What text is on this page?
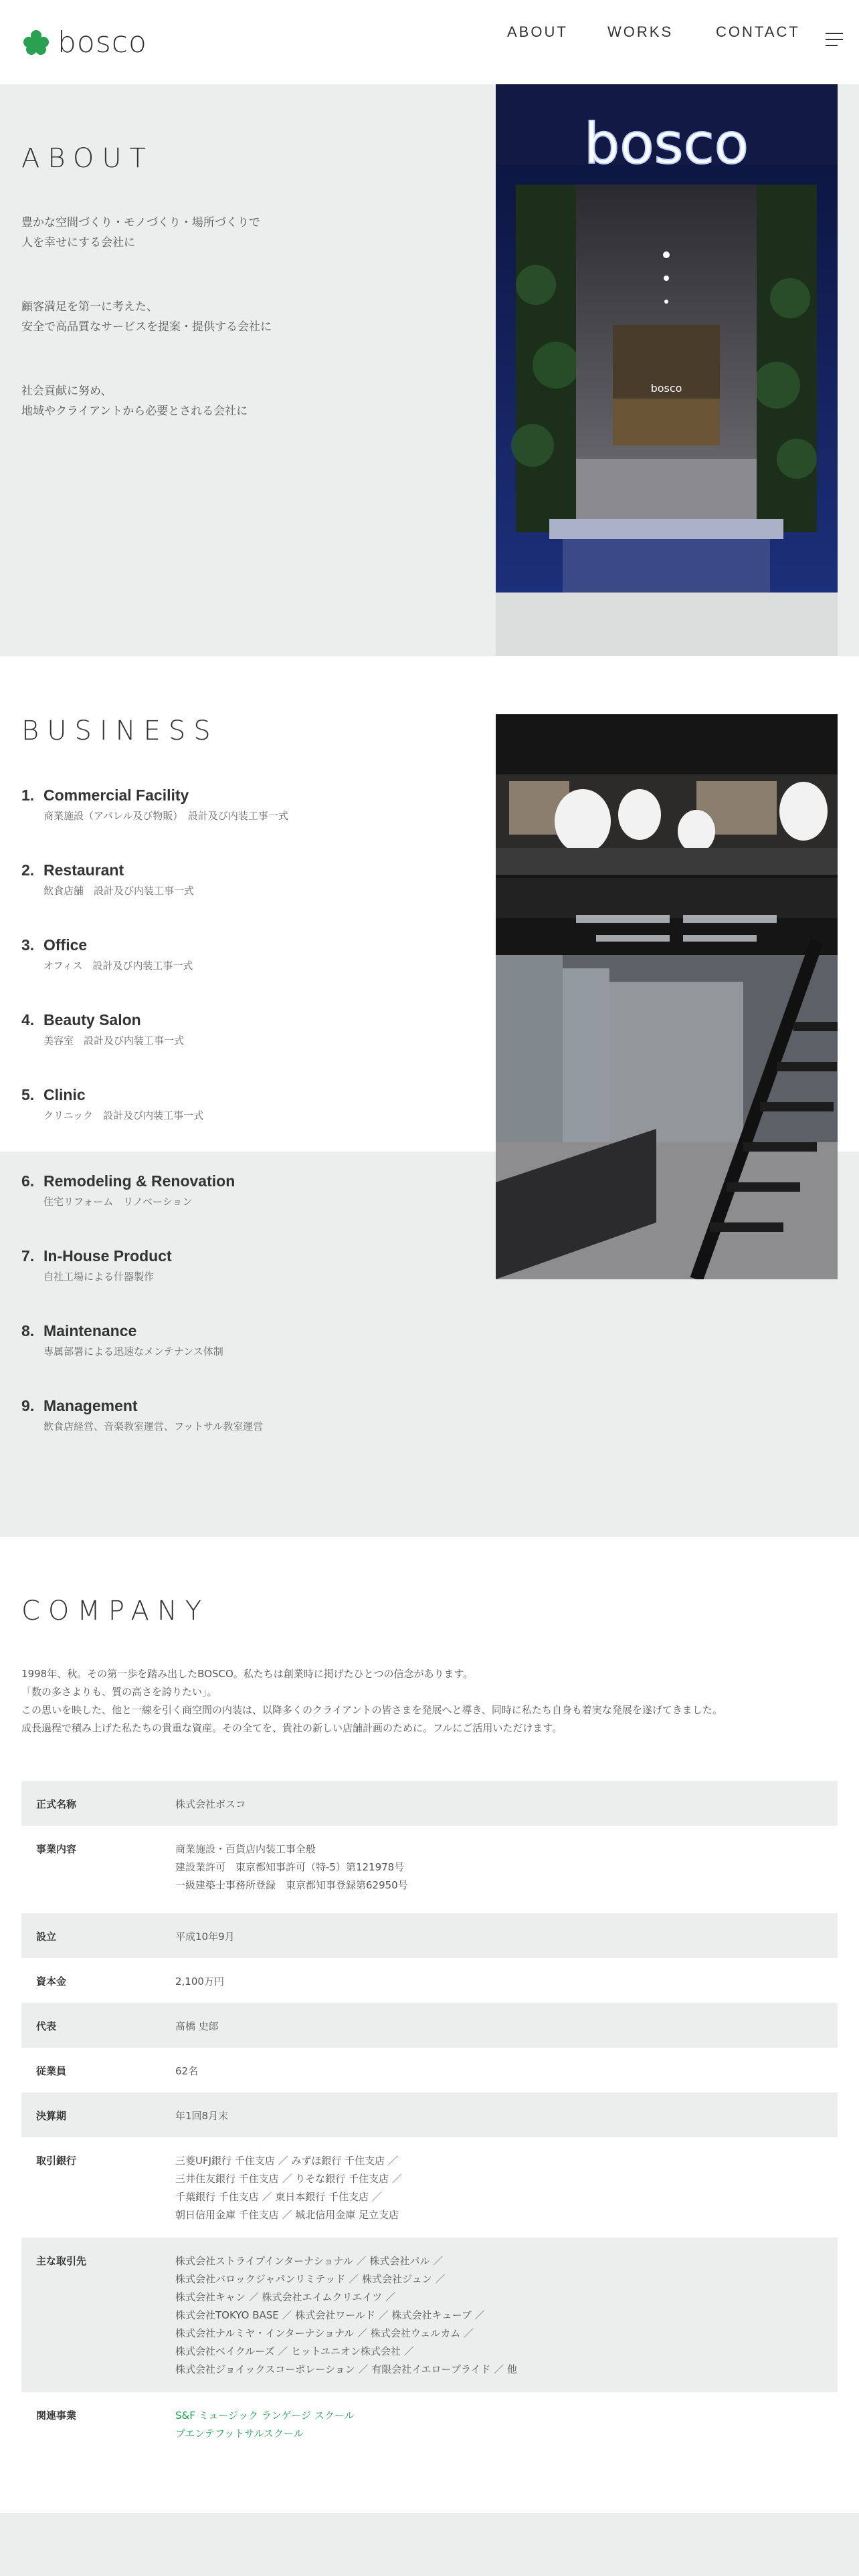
bosco	ABOUT	WORKS	CONTACT
ABOUT
豊かな空間づくり・モノづくり・場所づくりで
人を幸せにする会社に
顧客満足を第一に考えた、
安全で高品質なサービスを提案・提供する会社に
社会貢献に努め、
地域やクライアントから必要とされる会社に
bosco
bosco
BUSINESS
1. Commercial Facility
商業施設（アパレル及び物販）　設計及び内装工事一式
2. Restaurant
飲食店舗　設計及び内装工事一式
3. Office
オフィス　設計及び内装工事一式
4. Beauty Salon
美容室　設計及び内装工事一式
5. Clinic
クリニック　設計及び内装工事一式
6. Remodeling & Renovation
住宅リフォーム　リノベーション
7. In-House Product
自社工場による什器製作
8. Maintenance
専属部署による迅速なメンテナンス体制
9. Management
飲食店経営、音楽教室運営、フットサル教室運営
COMPANY
1998年、秋。その第一歩を踏み出したBOSCO。私たちは創業時に掲げたひとつの信念があります。
「数の多さよりも、質の高さを誇りたい」。
この思いを映した、他と一線を引く商空間の内装は、以降多くのクライアントの皆さまを発展へと導き、同時に私たち自身も着実な発展を遂げてきました。
成長過程で積み上げた私たちの貴重な資産。その全てを、貴社の新しい店舗計画のために。フルにご活用いただけます。
正式名称	株式会社ボスコ
事業内容	商業施設・百貨店内装工事全般
建設業許可　東京都知事許可（特-5）第121978号
一級建築士事務所登録　東京都知事登録第62950号
設立	平成10年9月
資本金	2,100万円
代表	髙橋 史郎
従業員	62名
決算期	年1回8月末
取引銀行	三菱UFJ銀行 千住支店 ／ みずほ銀行 千住支店 ／
三井住友銀行 千住支店 ／ りそな銀行 千住支店 ／
千葉銀行 千住支店 ／ 東日本銀行 千住支店 ／
朝日信用金庫 千住支店 ／ 城北信用金庫 足立支店
主な取引先	株式会社ストライプインターナショナル ／ 株式会社パル ／
株式会社バロックジャパンリミテッド ／ 株式会社ジュン ／
株式会社キャン ／ 株式会社エイムクリエイツ ／
株式会社TOKYO BASE ／ 株式会社ワールド ／ 株式会社キューブ ／
株式会社ナルミヤ・インターナショナル ／ 株式会社ウェルカム ／
株式会社ベイクルーズ ／ ヒットユニオン株式会社 ／
株式会社ジョイックスコーポレーション ／ 有限会社イエロープライド ／ 他
関連事業	S&F ミュージック ランゲージ スクール
プエンテフットサルスクール
